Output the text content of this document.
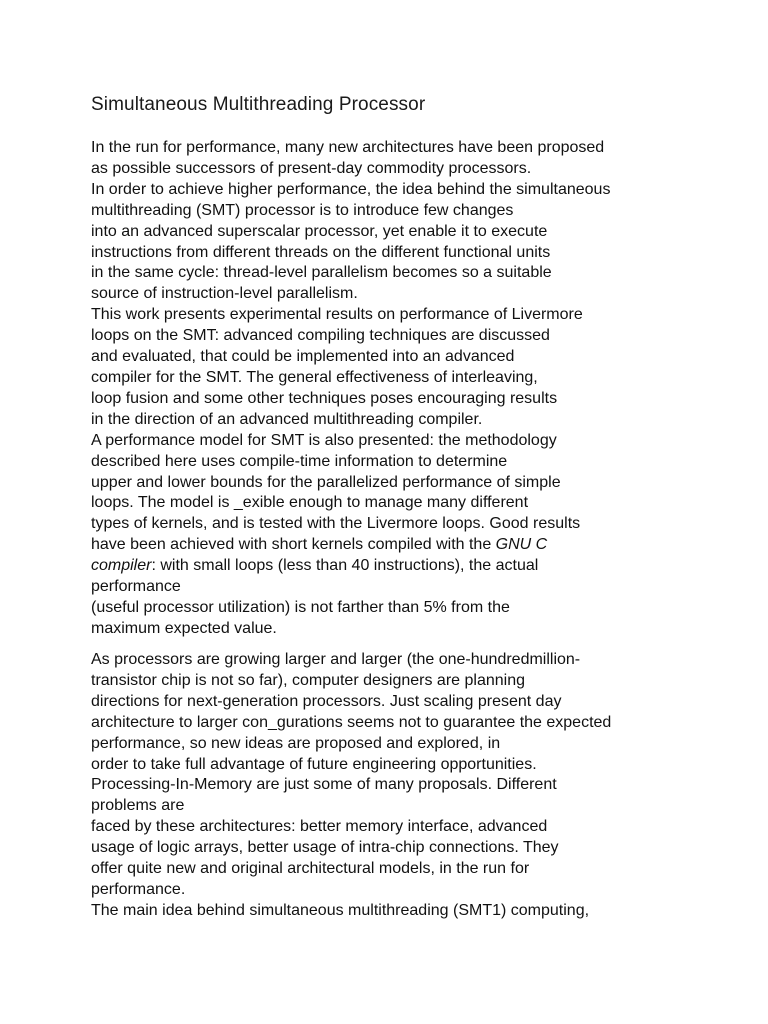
Simultaneous Multithreading Processor
In the run for performance, many new architectures have been proposed
as possible successors of present-day commodity processors.
In order to achieve higher performance, the idea behind the simultaneous
multithreading (SMT) processor is to introduce few changes
into an advanced superscalar processor, yet enable it to execute
instructions from different threads on the different functional units
in the same cycle: thread-level parallelism becomes so a suitable
source of instruction-level parallelism.
This work presents experimental results on performance of Livermore
loops on the SMT: advanced compiling techniques are discussed
and evaluated, that could be implemented into an advanced
compiler for the SMT. The general effectiveness of interleaving,
loop fusion and some other techniques poses encouraging results
in the direction of an advanced multithreading compiler.
A performance model for SMT is also presented: the methodology
described here uses compile-time information to determine
upper and lower bounds for the parallelized performance of simple
loops. The model is _exible enough to manage many different
types of kernels, and is tested with the Livermore loops. Good results
have been achieved with short kernels compiled with the GNU C
compiler: with small loops (less than 40 instructions), the actual
performance
(useful processor utilization) is not farther than 5% from the
maximum expected value.
As processors are growing larger and larger (the one-hundredmillion-
transistor chip is not so far), computer designers are planning
directions for next-generation processors. Just scaling present day
architecture to larger con_gurations seems not to guarantee the expected
performance, so new ideas are proposed and explored, in
order to take full advantage of future engineering opportunities.
Processing-In-Memory are just some of many proposals. Different
problems are
faced by these architectures: better memory interface, advanced
usage of logic arrays, better usage of intra-chip connections. They
offer quite new and original architectural models, in the run for
performance.
The main idea behind simultaneous multithreading (SMT1) computing,
